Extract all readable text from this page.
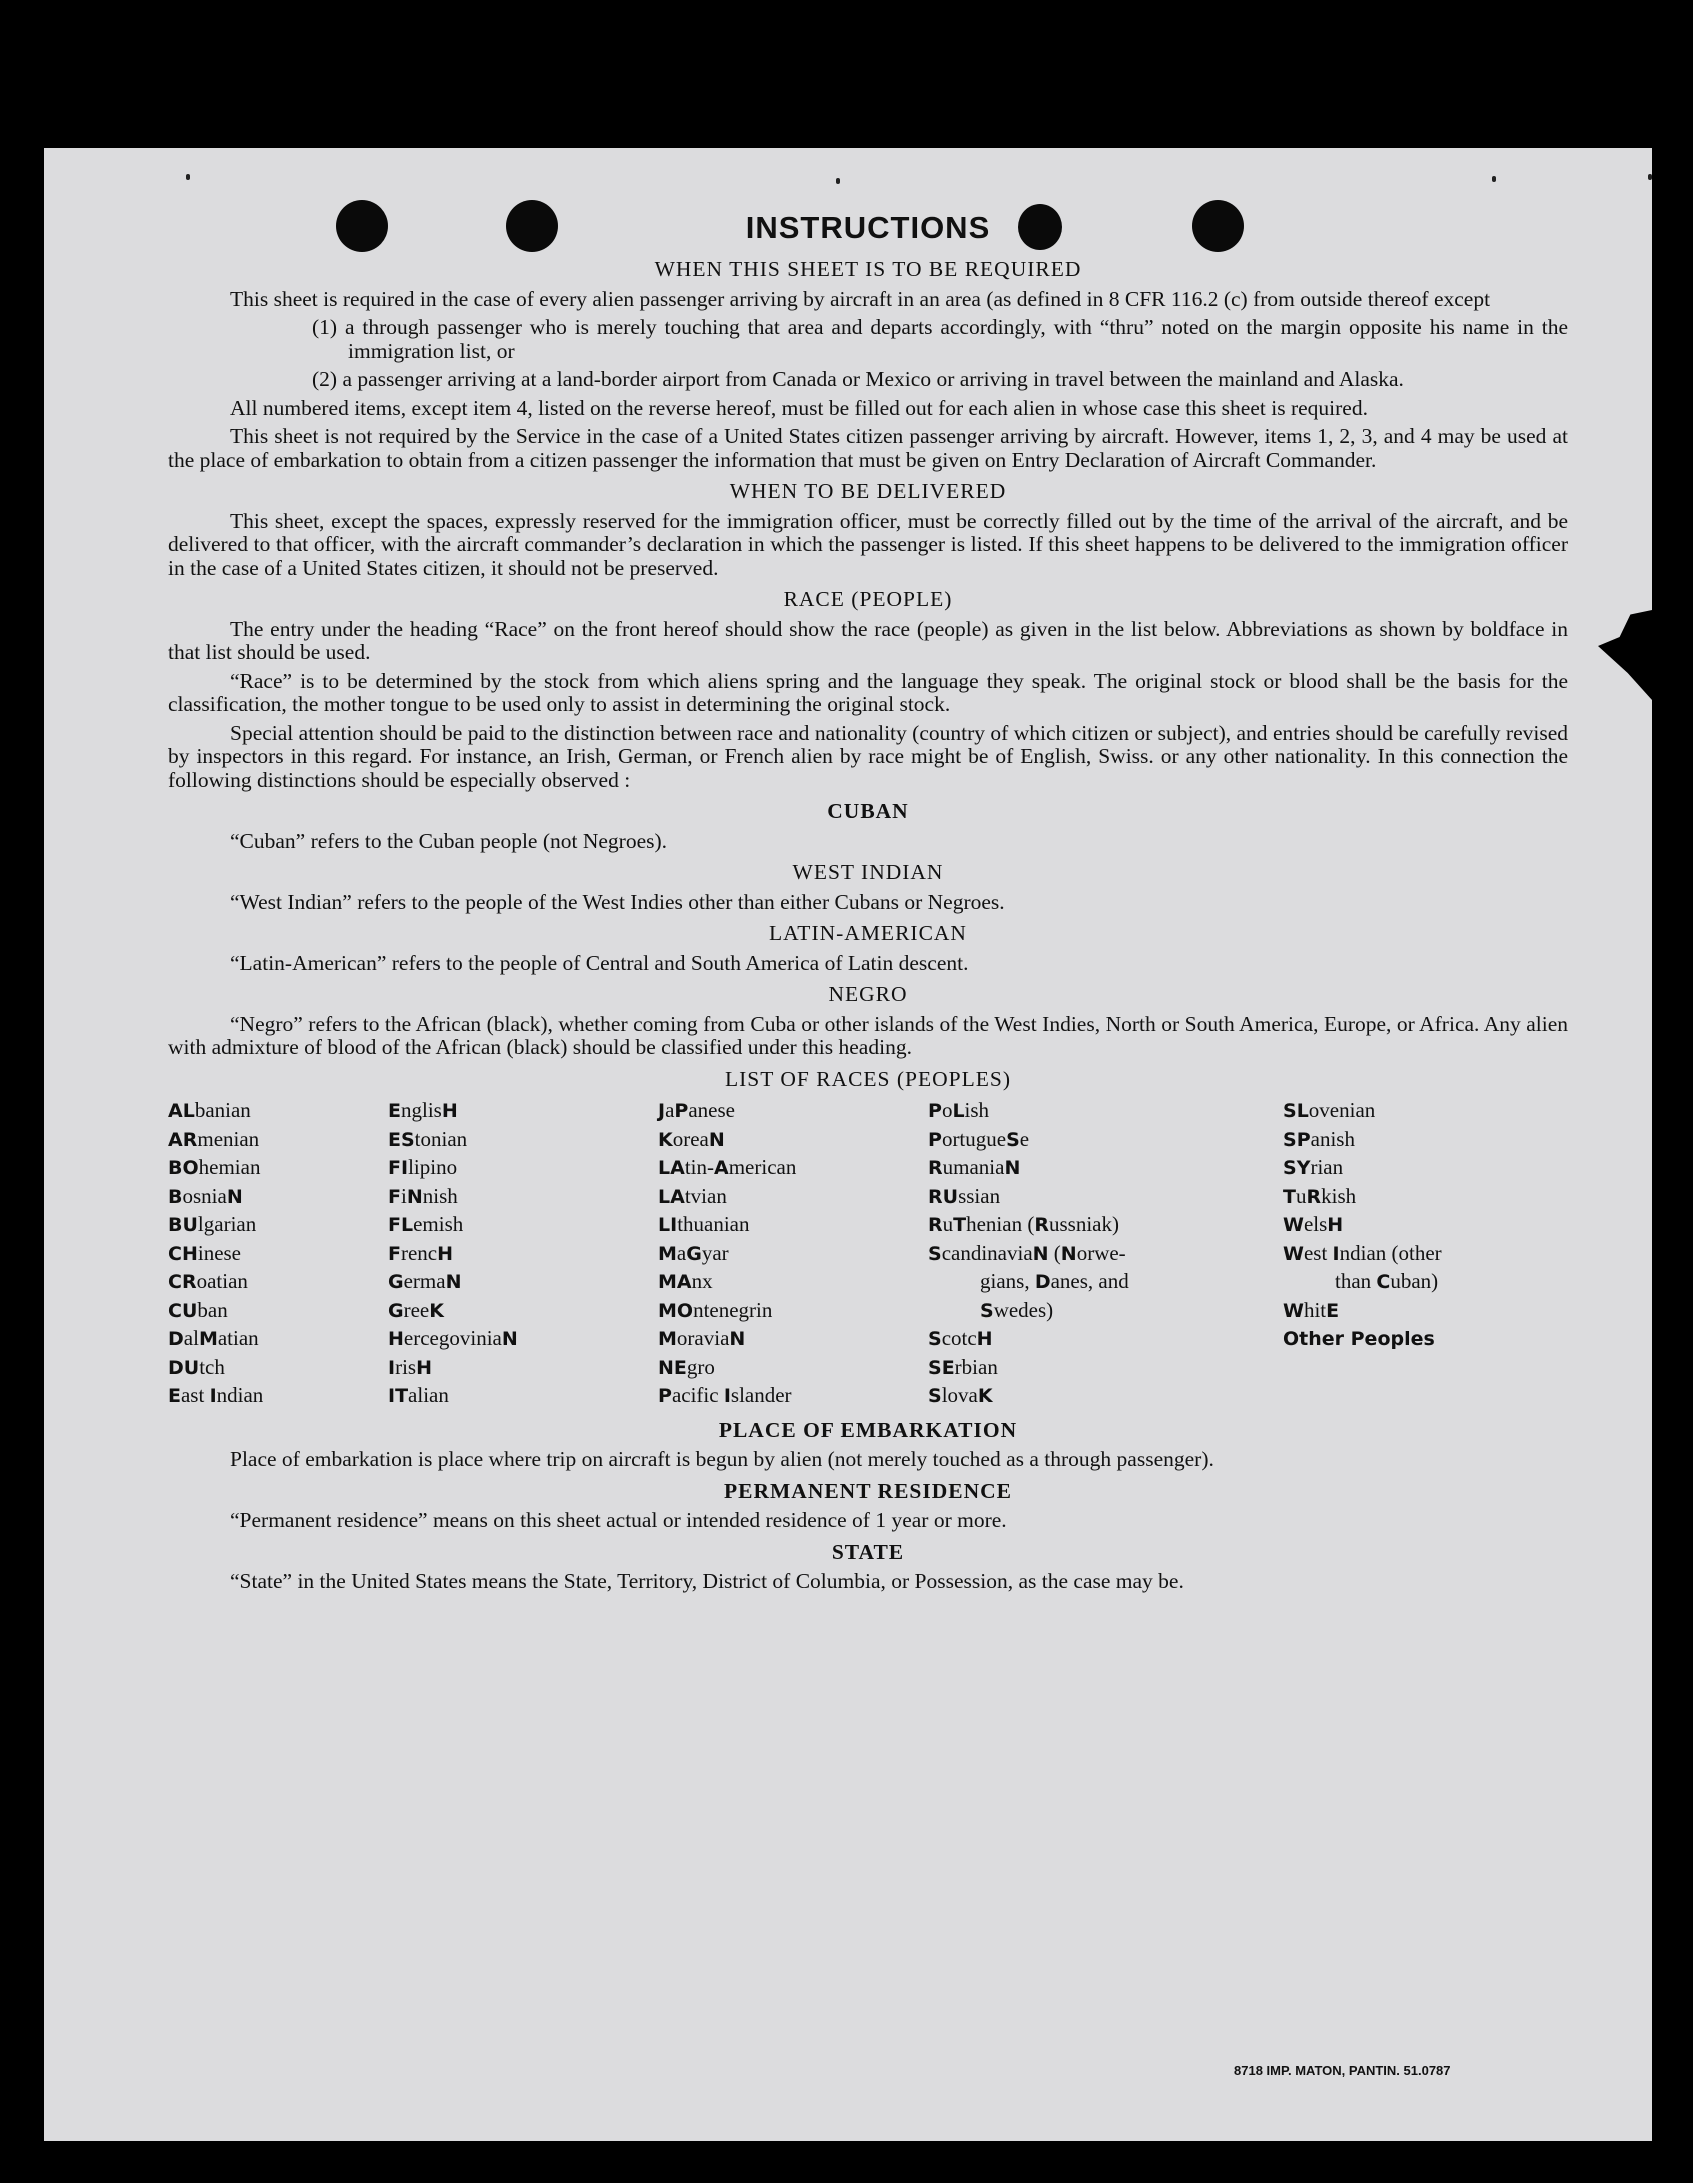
INSTRUCTIONS
WHEN THIS SHEET IS TO BE REQUIRED

This sheet is required in the case of every alien passenger arriving by aircraft in an area (as defined in 8 CFR 116.2 (c) from outside thereof except

(1) a through passenger who is merely touching that area and departs accordingly, with “thru” noted on the margin opposite his name in the immigration list, or

(2) a passenger arriving at a land-border airport from Canada or Mexico or arriving in travel between the mainland and Alaska.

All numbered items, except item 4, listed on the reverse hereof, must be filled out for each alien in whose case this sheet is required.

This sheet is not required by the Service in the case of a United States citizen passenger arriving by aircraft. However, items 1, 2, 3, and 4 may be used at the place of embarkation to obtain from a citizen passenger the information that must be given on Entry Declaration of Aircraft Commander.

WHEN TO BE DELIVERED

This sheet, except the spaces, expressly reserved for the immigration officer, must be correctly filled out by the time of the arrival of the aircraft, and be delivered to that officer, with the aircraft commander’s declaration in which the passenger is listed. If this sheet happens to be delivered to the immigration officer in the case of a United States citizen, it should not be preserved.

RACE (PEOPLE)

The entry under the heading “Race” on the front hereof should show the race (people) as given in the list below. Abbreviations as shown by boldface in that list should be used.

“Race” is to be determined by the stock from which aliens spring and the language they speak. The original stock or blood shall be the basis for the classification, the mother tongue to be used only to assist in determining the original stock.

Special attention should be paid to the distinction between race and nationality (country of which citizen or subject), and entries should be carefully revised by inspectors in this regard. For instance, an Irish, German, or French alien by race might be of English, Swiss. or any other nationality. In this connection the following distinctions should be especially observed :

CUBAN

“Cuban” refers to the Cuban people (not Negroes).

WEST INDIAN

“West Indian” refers to the people of the West Indies other than either Cubans or Negroes.

LATIN-AMERICAN

“Latin-American” refers to the people of Central and South America of Latin descent.

NEGRO

“Negro” refers to the African (black), whether coming from Cuba or other islands of the West Indies, North or South America, Europe, or Africa. Any alien with admixture of blood of the African (black) should be classified under this heading.

LIST OF RACES (PEOPLES)
ALbanian
ARmenian
BOhemian
BosniaN
BUlgarian
CHinese
CRoatian
CUban
DalMatian
DUtch
East Indian
EnglisH
EStonian
FIlipino
FiNnish
FLemish
FrencH
GermaN
GreeK
HercegoviniaN
IrisH
ITalian
JaPanese
KoreaN
LAtin-American
LAtvian
LIthuanian
MaGyar
MAnx
MOntenegrin
MoraviaN
NEgro
Pacific Islander
PoLish
PortugueSe
RumaniaN
RUssian
RuThenian (Russniak)
ScandinaviaN (Norwe-
gians, Danes, and
Swedes)
ScotcH
SErbian
SlovaK
SLovenian
SPanish
SYrian
TuRkish
WelsH
West Indian (other
than Cuban)
WhitE
Other Peoples
PLACE OF EMBARKATION

Place of embarkation is place where trip on aircraft is begun by alien (not merely touched as a through passenger).

PERMANENT RESIDENCE

“Permanent residence” means on this sheet actual or intended residence of 1 year or more.

STATE

“State” in the United States means the State, Territory, District of Columbia, or Possession, as the case may be.

8718 IMP. MATON, PANTIN. 51.0787
